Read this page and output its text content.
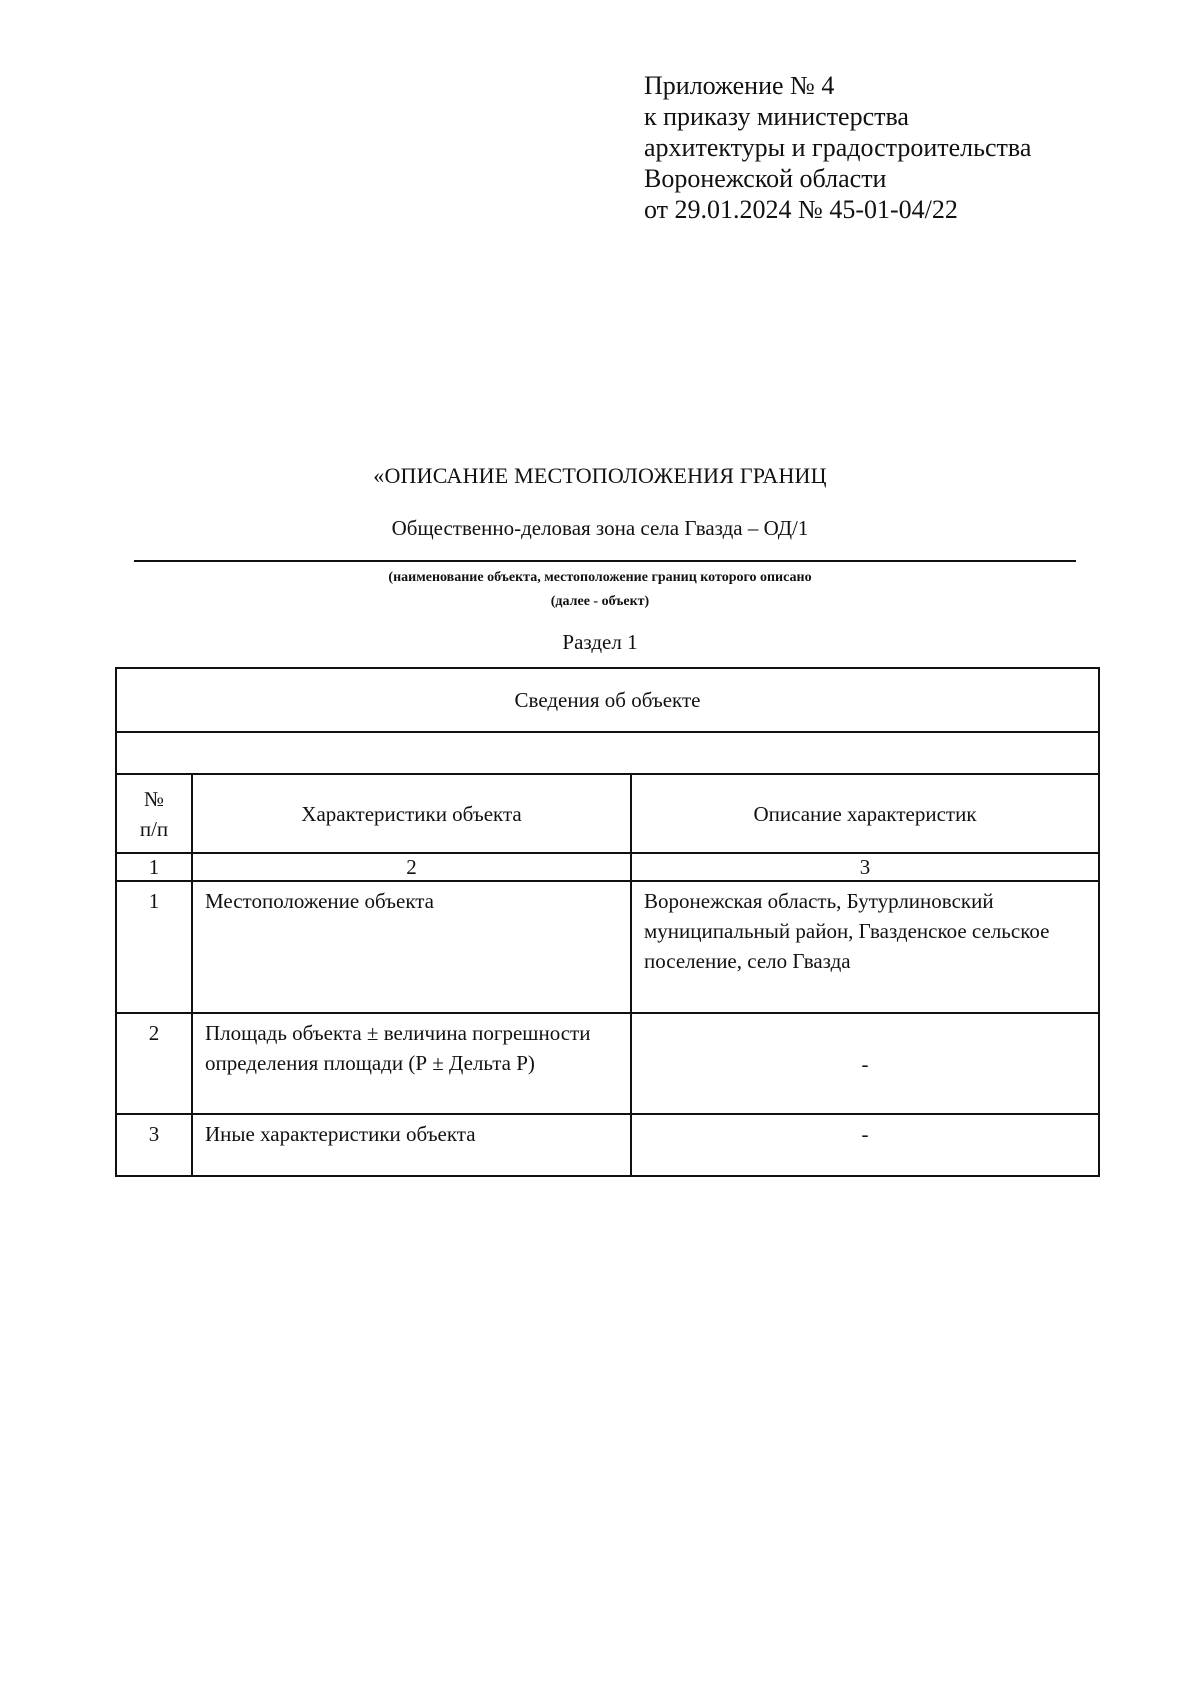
Приложение № 4
к приказу министерства
архитектуры и градостроительства
Воронежской области
от 29.01.2024 № 45-01-04/22
«ОПИСАНИЕ МЕСТОПОЛОЖЕНИЯ ГРАНИЦ
Общественно-деловая зона села Гвазда – ОД/1
(наименование объекта, местоположение границ которого описано
(далее - объект)
Раздел 1
Сведения об объекте		

№ п/п	Характеристики объекта	Описание характеристик
1	2	3
1	Местоположение объекта	Воронежская область, Бутурлиновский муниципальный район, Гвазденское сельское поселение, село Гвазда
2	Площадь объекта ± величина погрешности определения площади (Р ± Дельта Р)	-
3	Иные характеристики объекта	-
